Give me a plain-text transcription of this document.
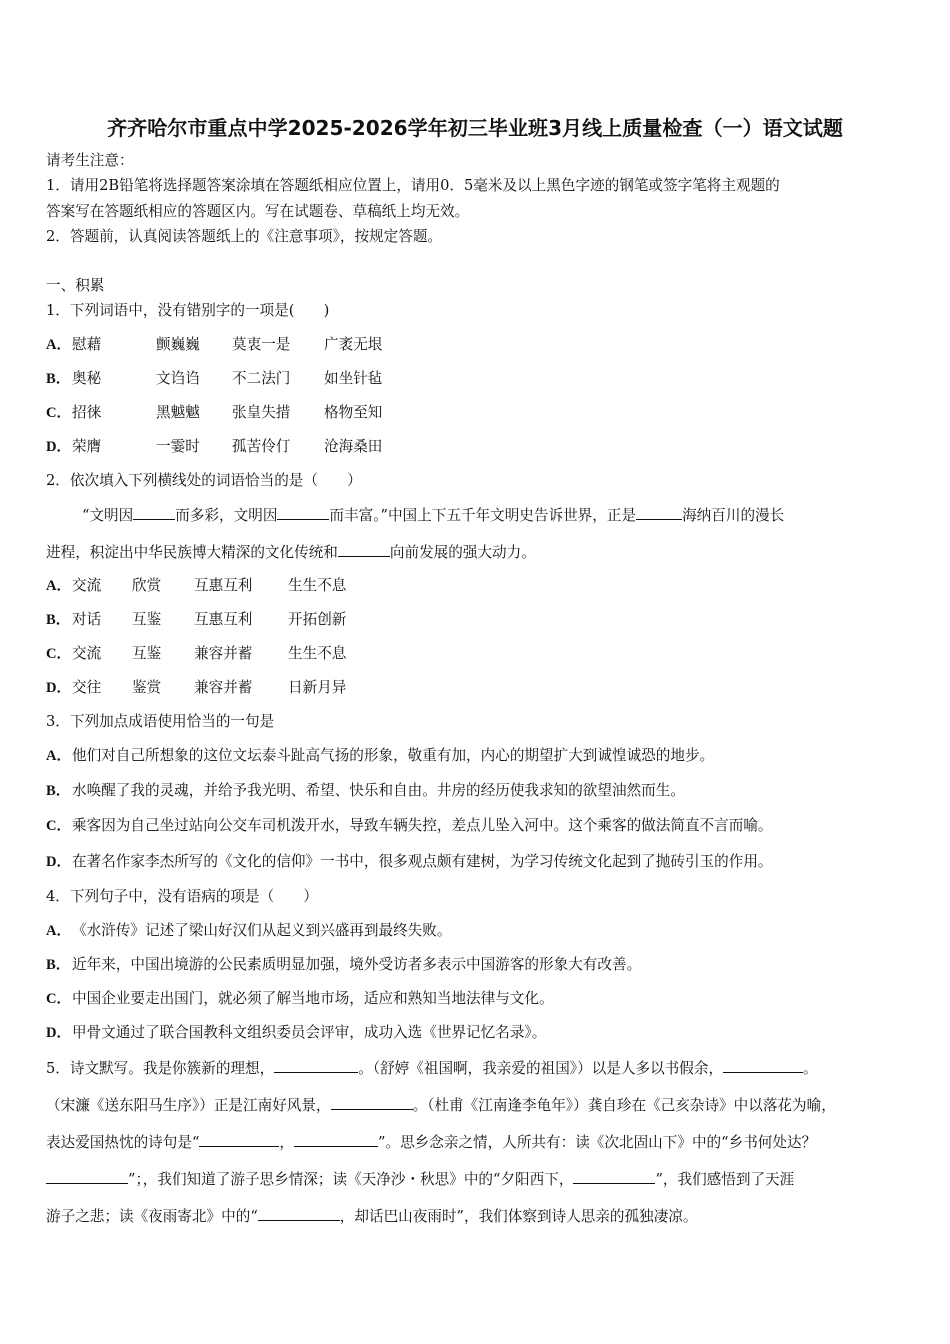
齐齐哈尔市重点中学2025-2026学年初三毕业班3月线上质量检查（一）语文试题
请考生注意：
1．请用2B铅笔将选择题答案涂填在答题纸相应位置上，请用0．5毫米及以上黑色字迹的钢笔或签字笔将主观题的
答案写在答题纸相应的答题区内。写在试题卷、草稿纸上均无效。
2．答题前，认真阅读答题纸上的《注意事项》，按规定答题。
一、积累
1．下列词语中，没有错别字的一项是(　　)
A．慰藉	颤巍巍 莫衷一是 广袤无垠
B． 奥秘	文诌诌 不二法门 如坐针毡
C．招徕	黑魆魆 张皇失措 格物至知
D．荣膺	一霎时 孤苦伶仃 沧海桑田
2．依次填入下列横线处的词语恰当的是（　　）
“文明因	而多彩，文明因	而丰富。”中国上下五千年文明史告诉世界，正是	海纳百川的漫长
进程，积淀出中华民族博大精深的文化传统和	向前发展的强大动力。
A．交流 欣赏 互惠互利 生生不息
B． 对话 互鉴 互惠互利 开拓创新
C．交流 互鉴 兼容并蓄 生生不息
D．交往 鉴赏 兼容并蓄 日新月异
3．下列加点成语使用恰当的一句是
A．他们对自己所想象的这位文坛泰斗趾高气扬的形象，敬重有加，内心的期望扩大到诚惶诚恐的地步。
B． 水唤醒了我的灵魂，并给予我光明、希望、快乐和自由。井房的经历使我求知的欲望油然而生。
C．乘客因为自己坐过站向公交车司机泼开水，导致车辆失控，差点儿坠入河中。这个乘客的做法简直不言而喻。
D．在著名作家李杰所写的《文化的信仰》一书中，很多观点颇有建树，为学习传统文化起到了抛砖引玉的作用。
4．下列句子中，没有语病的项是（　　）
A．《水浒传》记述了梁山好汉们从起义到兴盛再到最终失败。
B． 近年来，中国出境游的公民素质明显加强，境外受访者多表示中国游客的形象大有改善。
C．中国企业要走出国门，就必须了解当地市场，适应和熟知当地法律与文化。
D．甲骨文通过了联合国教科文组织委员会评审，成功入选《世界记忆名录》。
5．诗文默写。我是你簇新的理想，	。（舒婷《祖国啊，我亲爱的祖国》）以是人多以书假余，	。
（宋濂《送东阳马生序》）正是江南好风景，	。（杜甫《江南逢李龟年》）龚自珍在《己亥杂诗》中以落花为喻，
表达爱国热忱的诗句是“	，	”。思乡念亲之情，人所共有：读《次北固山下》中的“乡书何处达？
”；，我们知道了游子思乡情深；读《天净沙・秋思》中的“夕阳西下，	”，我们感悟到了天涯
游子之悲；读《夜雨寄北》中的“	，却话巴山夜雨时”，我们体察到诗人思亲的孤独凄凉。
